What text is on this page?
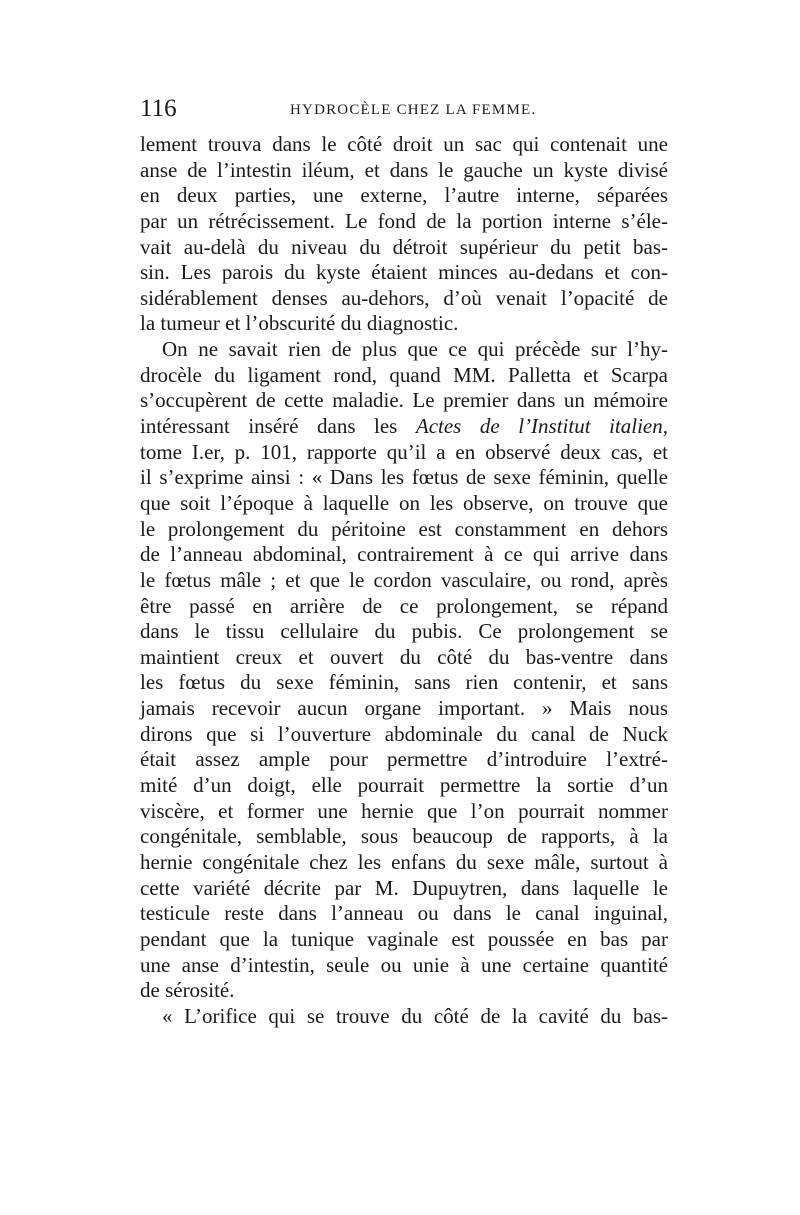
116	HYDROCÈLE CHEZ LA FEMME.
lement trouva dans le côté droit un sac qui contenait une
anse de l’intestin iléum, et dans le gauche un kyste divisé
en deux parties, une externe, l’autre interne, séparées
par un rétrécissement. Le fond de la portion interne s’éle-
vait au-delà du niveau du détroit supérieur du petit bas-
sin. Les parois du kyste étaient minces au-dedans et con-
sidérablement denses au-dehors, d’où venait l’opacité de
la tumeur et l’obscurité du diagnostic.
On ne savait rien de plus que ce qui précède sur l’hy-
drocèle du ligament rond, quand MM. Palletta et Scarpa
s’occupèrent de cette maladie. Le premier dans un mémoire
intéressant inséré dans les Actes de l’Institut italien,
tome I.er, p. 101, rapporte qu’il a en observé deux cas, et
il s’exprime ainsi : « Dans les fœtus de sexe féminin, quelle
que soit l’époque à laquelle on les observe, on trouve que
le prolongement du péritoine est constamment en dehors
de l’anneau abdominal, contrairement à ce qui arrive dans
le fœtus mâle ; et que le cordon vasculaire, ou rond, après
être passé en arrière de ce prolongement, se répand
dans le tissu cellulaire du pubis. Ce prolongement se
maintient creux et ouvert du côté du bas-ventre dans
les fœtus du sexe féminin, sans rien contenir, et sans
jamais recevoir aucun organe important. » Mais nous
dirons que si l’ouverture abdominale du canal de Nuck
était assez ample pour permettre d’introduire l’extré-
mité d’un doigt, elle pourrait permettre la sortie d’un
viscère, et former une hernie que l’on pourrait nommer
congénitale, semblable, sous beaucoup de rapports, à la
hernie congénitale chez les enfans du sexe mâle, surtout à
cette variété décrite par M. Dupuytren, dans laquelle le
testicule reste dans l’anneau ou dans le canal inguinal,
pendant que la tunique vaginale est poussée en bas par
une anse d’intestin, seule ou unie à une certaine quantité
de sérosité.
« L’orifice qui se trouve du côté de la cavité du bas-
